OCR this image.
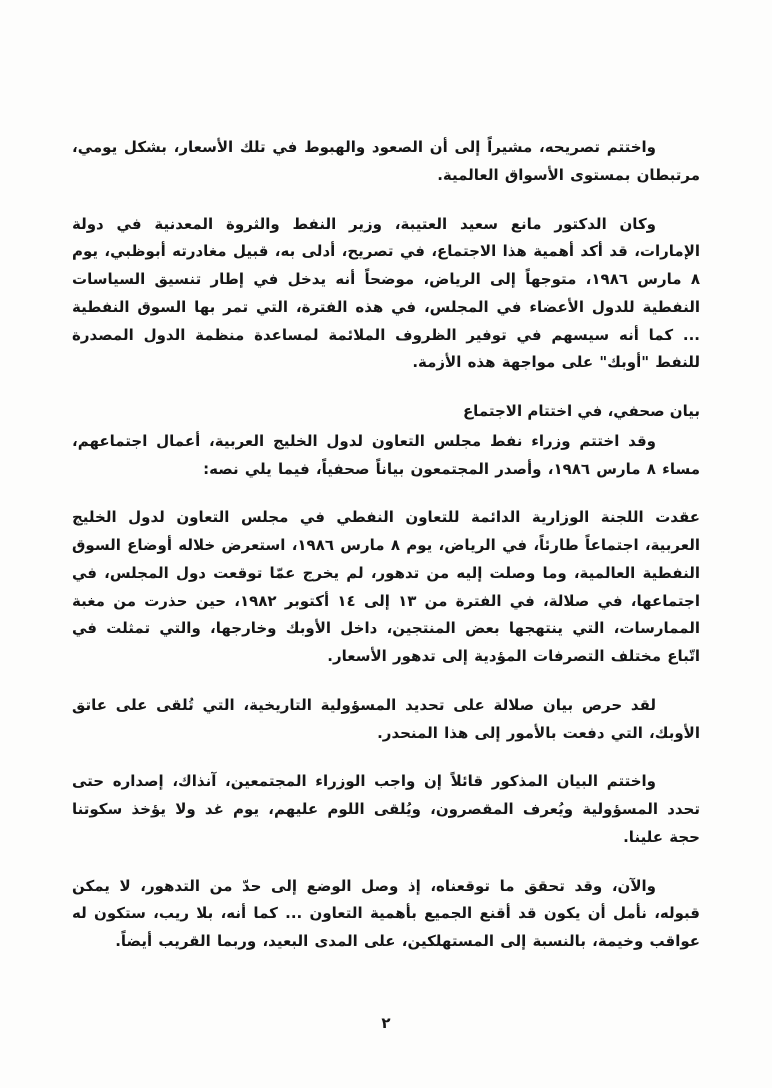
واختتم تصريحه، مشيراً إلى أن الصعود والهبوط في تلك الأسعار، بشكل يومي، مرتبطان بمستوى الأسواق العالمية.

وكان الدكتور مانع سعيد العتيبة، وزير النفط والثروة المعدنية في دولة الإمارات، قد أكد أهمية هذا الاجتماع، في تصريح، أدلى به، قبيل مغادرته أبوظبي، يوم ٨ مارس ١٩٨٦، متوجهاً إلى الرياض، موضحاً أنه يدخل في إطار تنسيق السياسات النفطية للدول الأعضاء في المجلس، في هذه الفترة، التي تمر بها السوق النفطية ... كما أنه سيسهم في توفير الظروف الملائمة لمساعدة منظمة الدول المصدرة للنفط "أوبك" على مواجهة هذه الأزمة.

بيان صحفي، في اختتام الاجتماع

وقد اختتم وزراء نفط مجلس التعاون لدول الخليج العربية، أعمال اجتماعهم، مساء ٨ مارس ١٩٨٦، وأصدر المجتمعون بياناً صحفياً، فيما يلي نصه:

عقدت اللجنة الوزارية الدائمة للتعاون النفطي في مجلس التعاون لدول الخليج العربية، اجتماعاً طارئاً، في الرياض، يوم ٨ مارس ١٩٨٦، استعرض خلاله أوضاع السوق النفطية العالمية، وما وصلت إليه من تدهور، لم يخرج عمّا توقعت دول المجلس، في اجتماعها، في صلالة، في الفترة من ١٣ إلى ١٤ أكتوبر ١٩٨٢، حين حذرت من مغبة الممارسات، التي ينتهجها بعض المنتجين، داخل الأوبك وخارجها، والتي تمثلت في اتّباع مختلف التصرفات المؤدية إلى تدهور الأسعار.

لقد حرص بيان صلالة على تحديد المسؤولية التاريخية، التي تُلقى على عاتق الأوبك، التي دفعت بالأمور إلى هذا المنحدر.

واختتم البيان المذكور قائلاً إن واجب الوزراء المجتمعين، آنذاك، إصداره حتى تحدد المسؤولية ويُعرف المقصرون، ويُلقى اللوم عليهم، يوم غد ولا يؤخذ سكوتنا حجة علينا.

والآن، وقد تحقق ما توقعناه، إذ وصل الوضع إلى حدّ من التدهور، لا يمكن قبوله، نأمل أن يكون قد أقنع الجميع بأهمية التعاون ... كما أنه، بلا ريب، ستكون له عواقب وخيمة، بالنسبة إلى المستهلكين، على المدى البعيد، وربما القريب أيضاً.

٢
